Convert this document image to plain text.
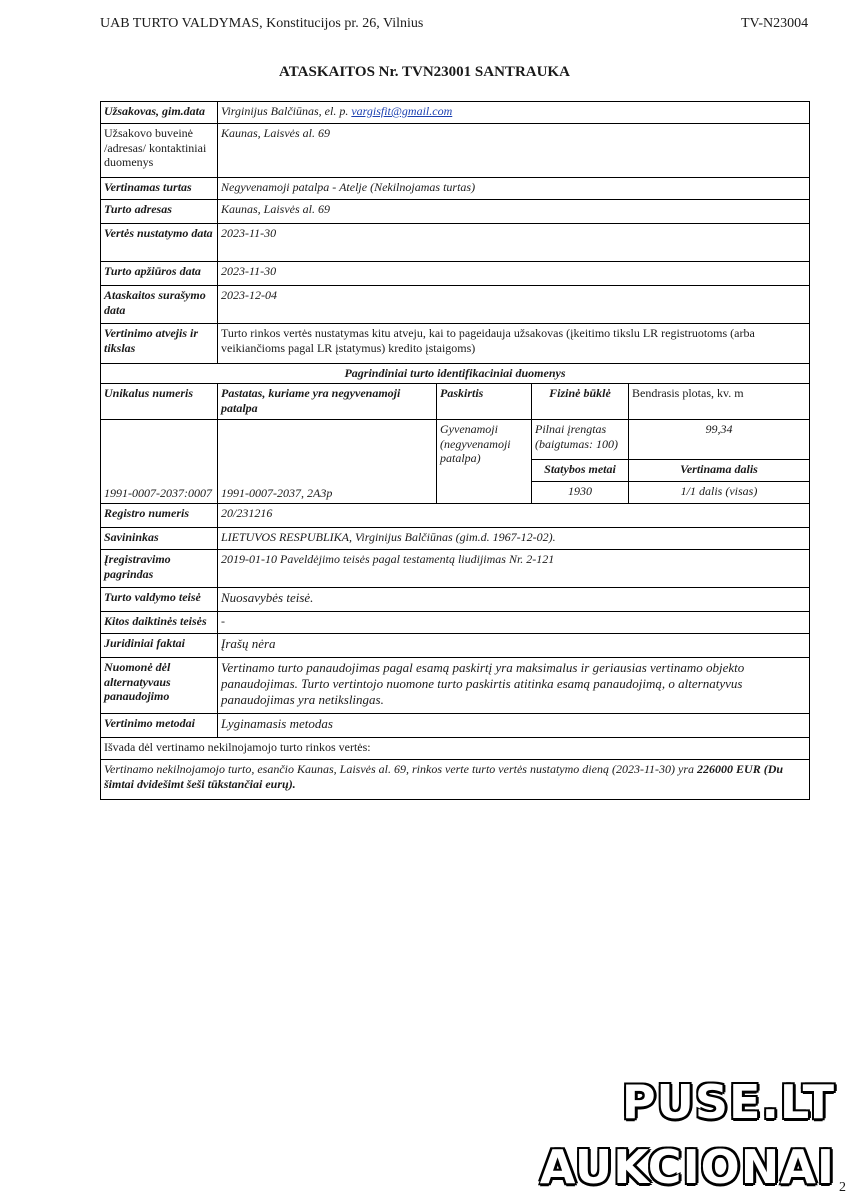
UAB TURTO VALDYMAS, Konstitucijos pr. 26, Vilnius	TV-N23004
ATASKAITOS Nr. TVN23001 SANTRAUKA
Užsakovas, gim.data	Virginijus Balčiūnas, el. p. vargisfit@gmail.com			
Užsakovo buveinė /adresas/ kontaktiniai duomenys	Kaunas, Laisvės al. 69			
Vertinamas turtas	Negyvenamoji patalpa - Atelje (Nekilnojamas turtas)			
Turto adresas	Kaunas, Laisvės al. 69			
Vertės nustatymo data	2023-11-30			
Turto apžiūros data	2023-11-30			
Ataskaitos surašymo data	2023-12-04			
Vertinimo atvejis ir tikslas	Turto rinkos vertės nustatymas kitu atveju, kai to pageidauja užsakovas (įkeitimo tikslu LR registruotoms (arba veikiančioms pagal LR įstatymus) kredito įstaigoms)			
Pagrindiniai turto identifikaciniai duomenys				
Unikalus numeris	Pastatas, kuriame yra negyvenamoji patalpa	Paskirtis	Fizinė būklė	Bendrasis plotas, kv. m
1991-0007-2037:0007	1991-0007-2037, 2A3p	Gyvenamoji (negyvenamoji patalpa)	Pilnai įrengtas (baigtumas: 100)	99,34
			Statybos metai	Vertinama dalis
			1930	1/1 dalis (visas)
Registro numeris	20/231216			
Savininkas	LIETUVOS RESPUBLIKA, Virginijus Balčiūnas (gim.d. 1967-12-02).			
Įregistravimo pagrindas	2019-01-10 Paveldėjimo teisės pagal testamentą liudijimas Nr. 2-121			
Turto valdymo teisė	Nuosavybės teisė.			
Kitos daiktinės teisės	-			
Juridiniai faktai	Įrašų nėra			
Nuomonė dėl alternatyvaus panaudojimo	Vertinamo turto panaudojimas pagal esamą paskirtį yra maksimalus ir geriausias vertinamo objekto panaudojimas. Turto vertintojo nuomone turto paskirtis atitinka esamą panaudojimą, o alternatyvus panaudojimas yra netikslingas.			
Vertinimo metodai	Lyginamasis metodas			
Išvada dėl vertinamo nekilnojamojo turto rinkos vertės:				
Vertinamo nekilnojamojo turto, esančio Kaunas, Laisvės al. 69, rinkos verte turto vertės nustatymo dieną (2023-11-30) yra 226000 EUR (Du šimtai dvidešimt šeši tūkstančiai eurų).				
PUSE.LT
AUKCIONAI 2
